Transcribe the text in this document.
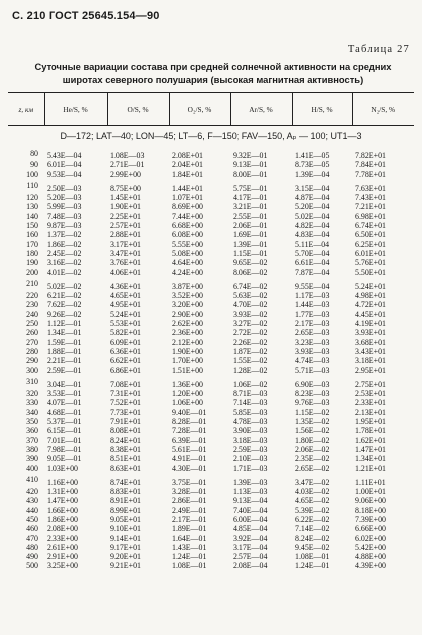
С. 210 ГОСТ 25645.154—90
Таблица 27
Суточные вариации состава при средней солнечной активности на средних широтах северного полушария (высокая магнитная активность)
z, км	He/S, %	O/S, %	O₂/S, %	Ar/S, %	H/S, %	N₂/S, %
D—172; LAT—40; LON—45; LT—6, F—150; FAV—150, Aₚ — 100; UT1—3						
80	5.43E—04	1.08E—03	2.08E+01	9.32E—01	1.41E—05	7.82E+01
90	6.01E—04	2.71E—01	2.04E+01	9.13E—01	8.73E—05	7.84E+01
100	9.53E—04	2.99E+00	1.84E+01	8.00E—01	1.39E—04	7.78E+01
110	2.50E—03	8.75E+00	1.44E+01	5.75E—01	3.15E—04	7.63E+01
120	5.20E—03	1.45E+01	1.07E+01	4.17E—01	4.87E—04	7.43E+01
130	5.99E—03	1.90E+01	8.69E+00	3.21E—01	5.20E—04	7.21E+01
140	7.48E—03	2.25E+01	7.44E+00	2.55E—01	5.02E—04	6.98E+01
150	9.87E—03	2.57E+01	6.68E+00	2.06E—01	4.82E—04	6.74E+01
160	1.37E—02	2.88E+01	6.08E+00	1.69E—01	4.83E—04	6.50E+01
170	1.86E—02	3.17E+01	5.55E+00	1.39E—01	5.11E—04	6.25E+01
180	2.45E—02	3.47E+01	5.08E+00	1.15E—01	5.70E—04	6.01E+01
190	3.16E—02	3.76E+01	4.64E+00	9.65E—02	6.61E—04	5.76E+01
200	4.01E—02	4.06E+01	4.24E+00	8.06E—02	7.87E—04	5.50E+01
210	5.02E—02	4.36E+01	3.87E+00	6.74E—02	9.55E—04	5.24E+01
220	6.21E—02	4.65E+01	3.52E+00	5.63E—02	1.17E—03	4.98E+01
230	7.62E—02	4.95E+01	3.20E+00	4.70E—02	1.44E—03	4.72E+01
240	9.26E—02	5.24E+01	2.90E+00	3.93E—02	1.77E—03	4.45E+01
250	1.12E—01	5.53E+01	2.62E+00	3.27E—02	2.17E—03	4.19E+01
260	1.34E—01	5.82E+01	2.36E+00	2.72E—02	2.65E—03	3.93E+01
270	1.59E—01	6.09E+01	2.12E+00	2.26E—02	3.23E—03	3.68E+01
280	1.88E—01	6.36E+01	1.90E+00	1.87E—02	3.93E—03	3.43E+01
290	2.21E—01	6.62E+01	1.70E+00	1.55E—02	4.74E—03	3.18E+01
300	2.59E—01	6.86E+01	1.51E+00	1.28E—02	5.71E—03	2.95E+01
310	3.04E—01	7.08E+01	1.36E+00	1.06E—02	6.90E—03	2.75E+01
320	3.53E—01	7.31E+01	1.20E+00	8.71E—03	8.23E—03	2.53E+01
330	4.07E—01	7.52E+01	1.06E+00	7.14E—03	9.76E—03	2.33E+01
340	4.68E—01	7.73E+01	9.40E—01	5.85E—03	1.15E—02	2.13E+01
350	5.37E—01	7.91E+01	8.28E—01	4.78E—03	1.35E—02	1.95E+01
360	6.15E—01	8.08E+01	7.28E—01	3.90E—03	1.56E—02	1.78E+01
370	7.01E—01	8.24E+01	6.39E—01	3.18E—03	1.80E—02	1.62E+01
380	7.98E—01	8.38E+01	5.61E—01	2.59E—03	2.06E—02	1.47E+01
390	9.05E—01	8.51E+01	4.91E—01	2.10E—03	2.35E—02	1.34E+01
400	1.03E+00	8.63E+01	4.30E—01	1.71E—03	2.65E—02	1.21E+01
410	1.16E+00	8.74E+01	3.75E—01	1.39E—03	3.47E—02	1.11E+01
420	1.31E+00	8.83E+01	3.28E—01	1.13E—03	4.03E—02	1.00E+01
430	1.47E+00	8.91E+01	2.86E—01	9.13E—04	4.65E—02	9.06E+00
440	1.66E+00	8.99E+01	2.49E—01	7.40E—04	5.39E—02	8.18E+00
450	1.86E+00	9.05E+01	2.17E—01	6.00E—04	6.22E—02	7.39E+00
460	2.08E+00	9.10E+01	1.89E—01	4.85E—04	7.14E—02	6.66E+00
470	2.33E+00	9.14E+01	1.64E—01	3.92E—04	8.24E—02	6.02E+00
480	2.61E+00	9.17E+01	1.43E—01	3.17E—04	9.45E—02	5.42E+00
490	2.91E+00	9.20E+01	1.24E—01	2.57E—04	1.08E—01	4.88E+00
500	3.25E+00	9.21E+01	1.08E—01	2.08E—04	1.24E—01	4.39E+00
